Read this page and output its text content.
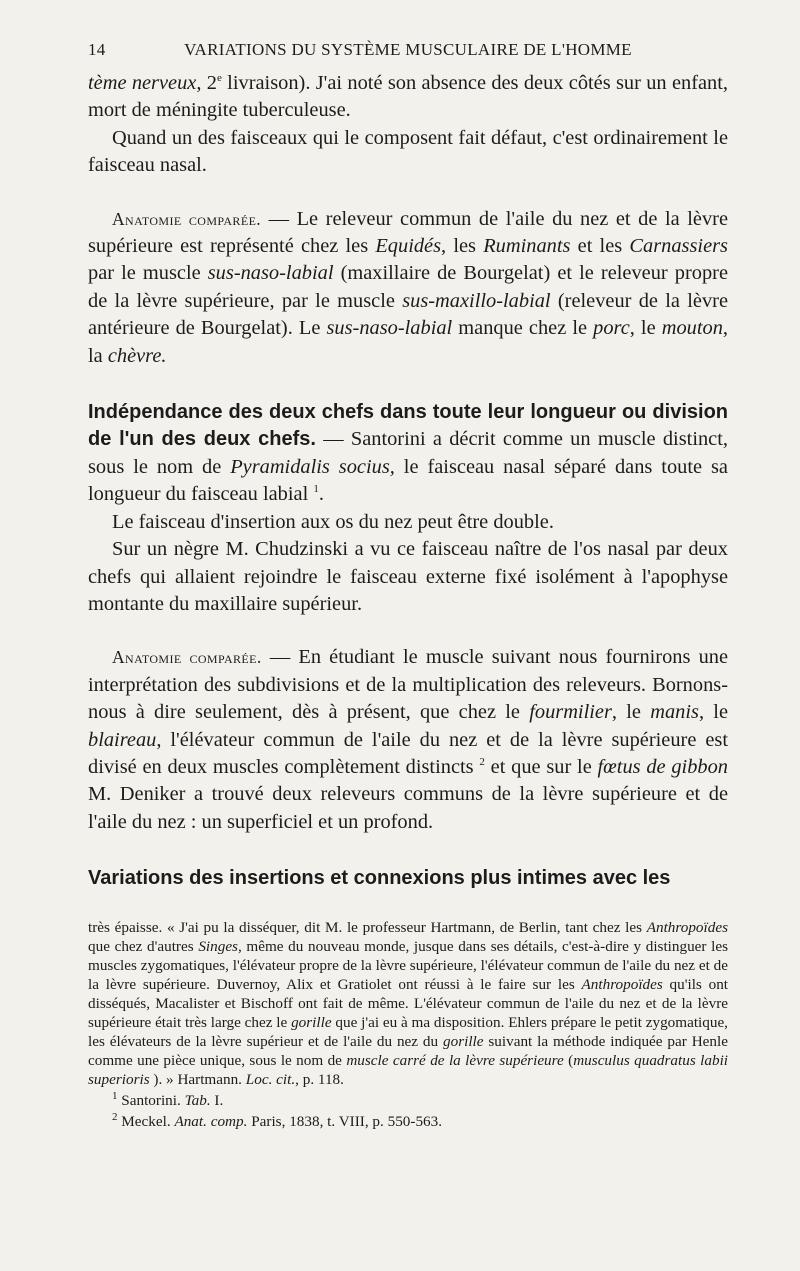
14	VARIATIONS DU SYSTÈME MUSCULAIRE DE L'HOMME

tème nerveux, 2e livraison). J'ai noté son absence des deux côtés sur un enfant, mort de méningite tuberculeuse.

Quand un des faisceaux qui le composent fait défaut, c'est ordinairement le faisceau nasal.

Anatomie comparée. — Le releveur commun de l'aile du nez et de la lèvre supérieure est représenté chez les Equidés, les Ruminants et les Carnassiers par le muscle sus-naso-labial (maxillaire de Bourgelat) et le releveur propre de la lèvre supérieure, par le muscle sus-maxillo-labial (releveur de la lèvre antérieure de Bourgelat). Le sus-naso-labial manque chez le porc, le mouton, la chèvre.

Indépendance des deux chefs dans toute leur longueur ou division de l'un des deux chefs. — Santorini a décrit comme un muscle distinct, sous le nom de Pyramidalis socius, le faisceau nasal séparé dans toute sa longueur du faisceau labial $^1$.

Le faisceau d'insertion aux os du nez peut être double.

Sur un nègre M. Chudzinski a vu ce faisceau naître de l'os nasal par deux chefs qui allaient rejoindre le faisceau externe fixé isolément à l'apophyse montante du maxillaire supérieur.

Anatomie comparée. — En étudiant le muscle suivant nous fournirons une interprétation des subdivisions et de la multiplication des releveurs. Bornons-nous à dire seulement, dès à présent, que chez le fourmilier, le manis, le blaireau, l'élévateur commun de l'aile du nez et de la lèvre supérieure est divisé en deux muscles complètement distincts $^2$ et que sur le fœtus de gibbon M. Deniker a trouvé deux releveurs communs de la lèvre supérieure et de l'aile du nez : un superficiel et un profond.

Variations des insertions et connexions plus intimes avec les

très épaisse. « J'ai pu la disséquer, dit M. le professeur Hartmann, de Berlin, tant chez les Anthropoïdes que chez d'autres Singes, même du nouveau monde, jusque dans ses détails, c'est-à-dire y distinguer les muscles zygomatiques, l'élévateur propre de la lèvre supérieure, l'élévateur commun de l'aile du nez et de la lèvre supérieure. Duvernoy, Alix et Gratiolet ont réussi à le faire sur les Anthropoïdes qu'ils ont disséqués, Macalister et Bischoff ont fait de même. L'élévateur commun de l'aile du nez et de la lèvre supérieure était très large chez le gorille que j'ai eu à ma disposition. Ehlers prépare le petit zygomatique, les élévateurs de la lèvre supérieur et de l'aile du nez du gorille suivant la méthode indiquée par Henle comme une pièce unique, sous le nom de muscle carré de la lèvre supérieure (musculus quadratus labii superioris ). » Hartmann. Loc. cit., p. 118.

$^1$ Santorini. Tab. I.

$^2$ Meckel. Anat. comp. Paris, 1838, t. VIII, p. 550-563.
